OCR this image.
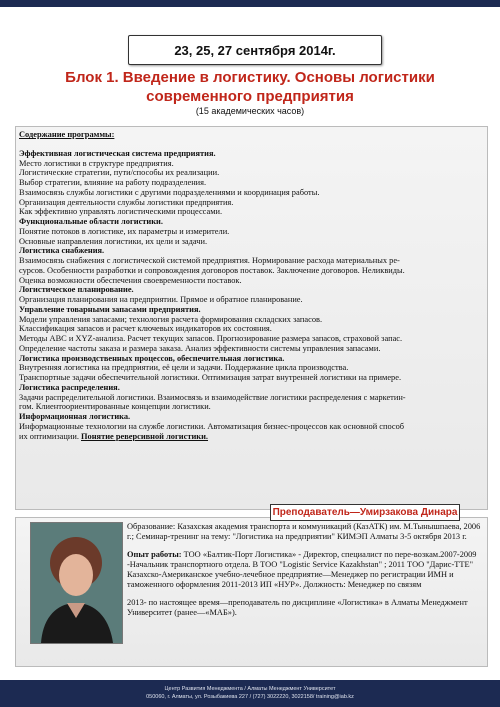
23, 25, 27 сентября 2014г.
Блок 1. Введение в логистику. Основы логистики
современного предприятия
(15 академических часов)
Содержание программы:
Эффективная логистическая система предприятия.
Место логистики в структуре предприятия.
Логистические стратегии, пути/способы их реализации.
Выбор стратегии, влияние на работу подразделения.
Взаимосвязь службы логистики с другими подразделениями и координация работы.
Организация деятельности службы логистики предприятия.
Как эффективно управлять логистическими процессами.
Функциональные области логистики.
Понятие потоков в логистике, их параметры и измерители.
Основные направления логистики, их цели и задачи.
Логистика снабжения.
Взаимосвязь снабжения с логистической системой предприятия. Нормирование расхода материальных ре-
сурсов. Особенности разработки и сопровождения договоров поставок. Заключение договоров. Неликвиды.
Оценка возможности обеспечения своевременности поставок.
Логистическое планирование.
Организация планирования на предприятии. Прямое и обратное планирование.
Управление товарными запасами предприятия.
Модели управления запасами; технология расчета формирования складских запасов.
Классификация запасов и расчет ключевых индикаторов их состояния.
Методы ABC и XYZ-анализа. Расчет текущих запасов. Прогнозирование размера запасов, страховой запас.
Определение частоты заказа и размера заказа. Анализ эффективности системы управления запасами.
Логистика производственных процессов, обеспечительная логистика.
Внутренняя логистика на предприятии, её цели и задачи. Поддержание цикла производства.
Транспортные задачи обеспечительной логистики. Оптимизация затрат внутренней логистики на примере.
Логистика распределения.
Задачи распределительной логистики. Взаимосвязь и взаимодействие логистики распределения с маркетин-
гом. Клиентоориентированные концепции логистики.
Информационная логистика.
Информационные технологии на службе логистики. Автоматизация бизнес-процессов как основной способ
их оптимизации. Понятие реверсивной логистики.

Образование: Казахская академия транспорта и коммуникаций (КазАТК) им. М.Тынышпаева, 2006 г.; Семинар-тренинг на тему: "Логистика на предприятии" КИМЭП Алматы 3-5 октября 2013 г.

Опыт работы: ТОО «Балтик-Порт Логистика» - Директор, специалист по пере-возкам.2007-2009 -Начальник транспортного отдела. В ТОО "Logistic Service Kazakhstan" ; 2011 ТОО "Дарис-ТТЕ" Казахско-Американское учебно-лечебное предприятие—Менеджер по регистрации ИМН и таможенного оформления 2011-2013 ИП «НУР». Должность: Менеджер по связям

2013- по настоящее время—преподаватель по дисциплине «Логистика» в Алматы Менеджмент Университет (ранее—«МАБ»).

Преподаватель—Умирзакова Динара
Центр Развития Менеджмента / Алматы Менеджмент Университет
050060, г. Алматы, ул. Розыбакиева 227 / (727) 3022220, 3022158/ training@iab.kz
